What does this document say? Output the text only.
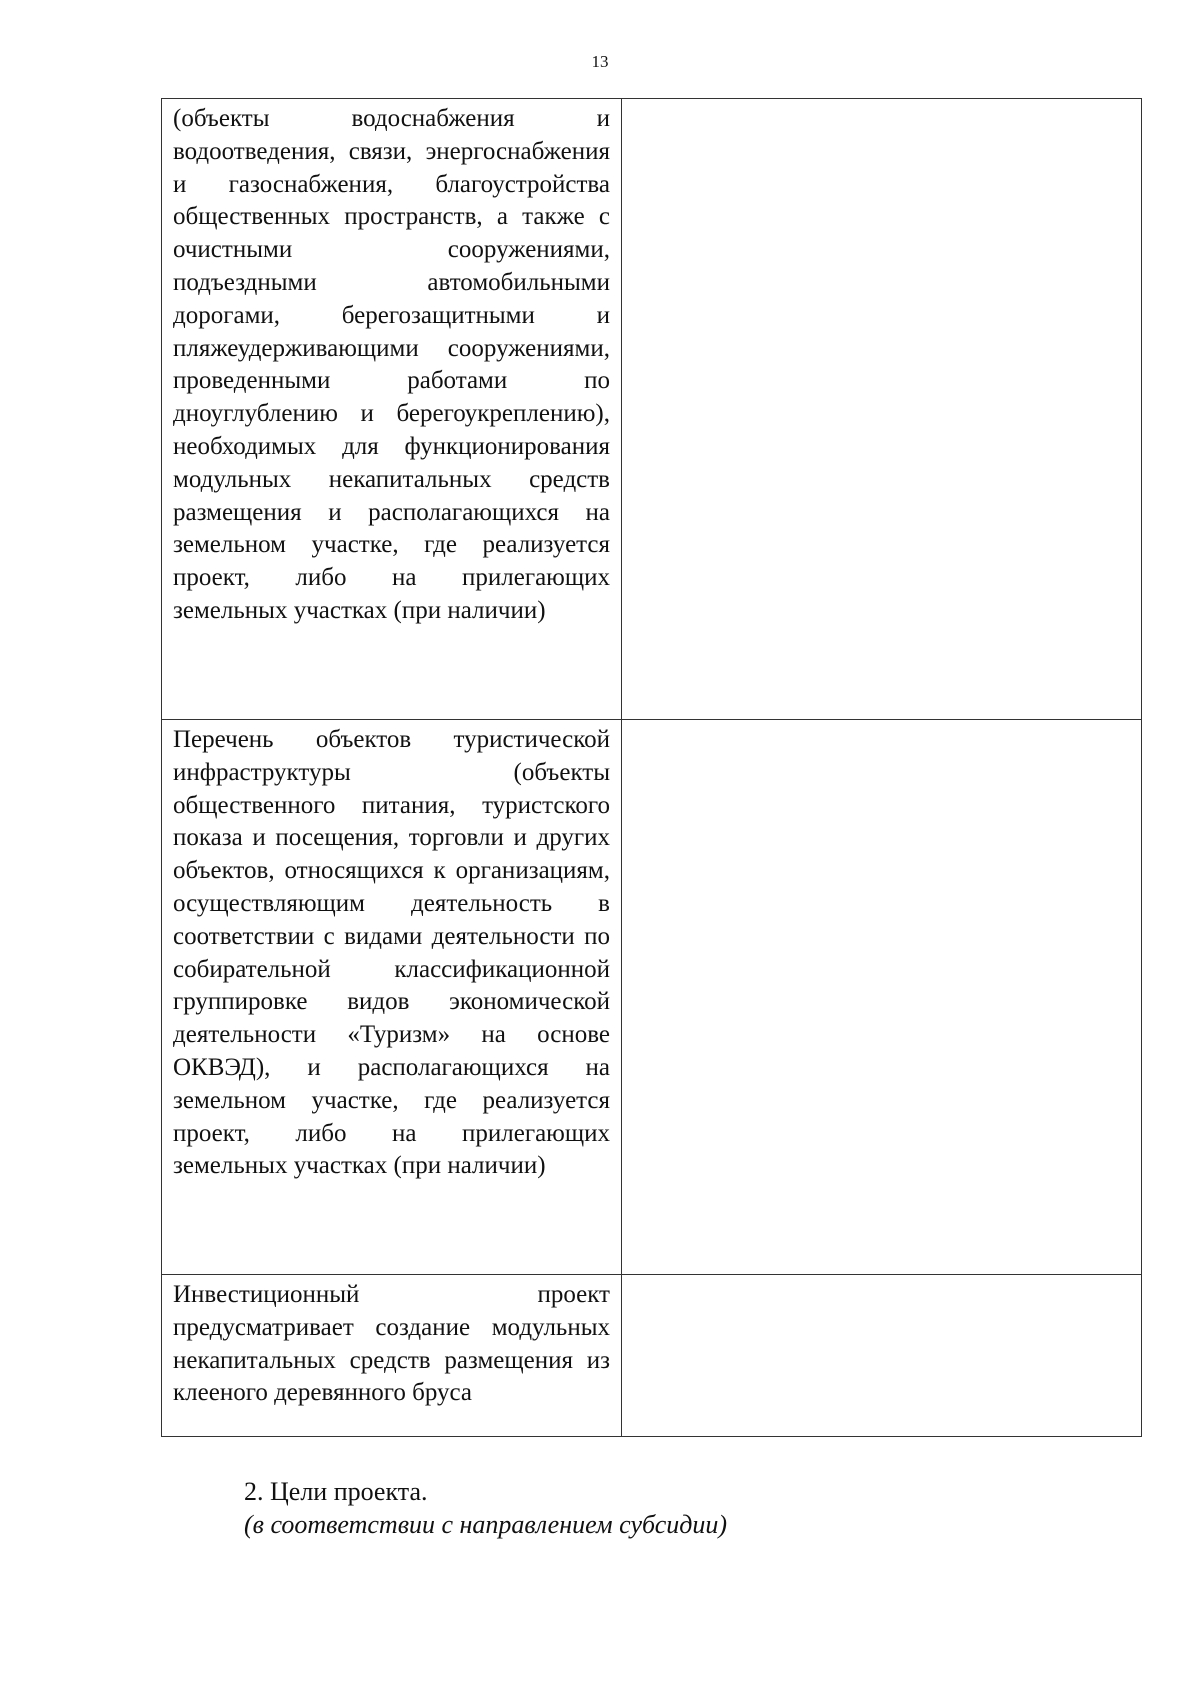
13
(объекты водоснабжения и водоотведения, связи, энергоснабжения и газоснабжения, благоустройства общественных пространств, а также с очистными сооружениями, подъездными автомобильными дорогами, берегозащитными и пляжеудерживающими сооружениями, проведенными работами по дноуглублению и берегоукреплению), необходимых для функционирования модульных некапитальных средств размещения и располагающихся на земельном участке, где реализуется проект, либо на прилегающих земельных участках (при наличии)	
Перечень объектов туристической инфраструктуры (объекты общественного питания, туристского показа и посещения, торговли и других объектов, относящихся к организациям, осуществляющим деятельность в соответствии с видами деятельности по собирательной классификационной группировке видов экономической деятельности «Туризм» на основе ОКВЭД), и располагающихся на земельном участке, где реализуется проект, либо на прилегающих земельных участках (при наличии)	
Инвестиционный проект предусматривает создание модульных некапитальных средств размещения из клееного деревянного бруса	
2. Цели проекта.
(в соответствии с направлением субсидии)
